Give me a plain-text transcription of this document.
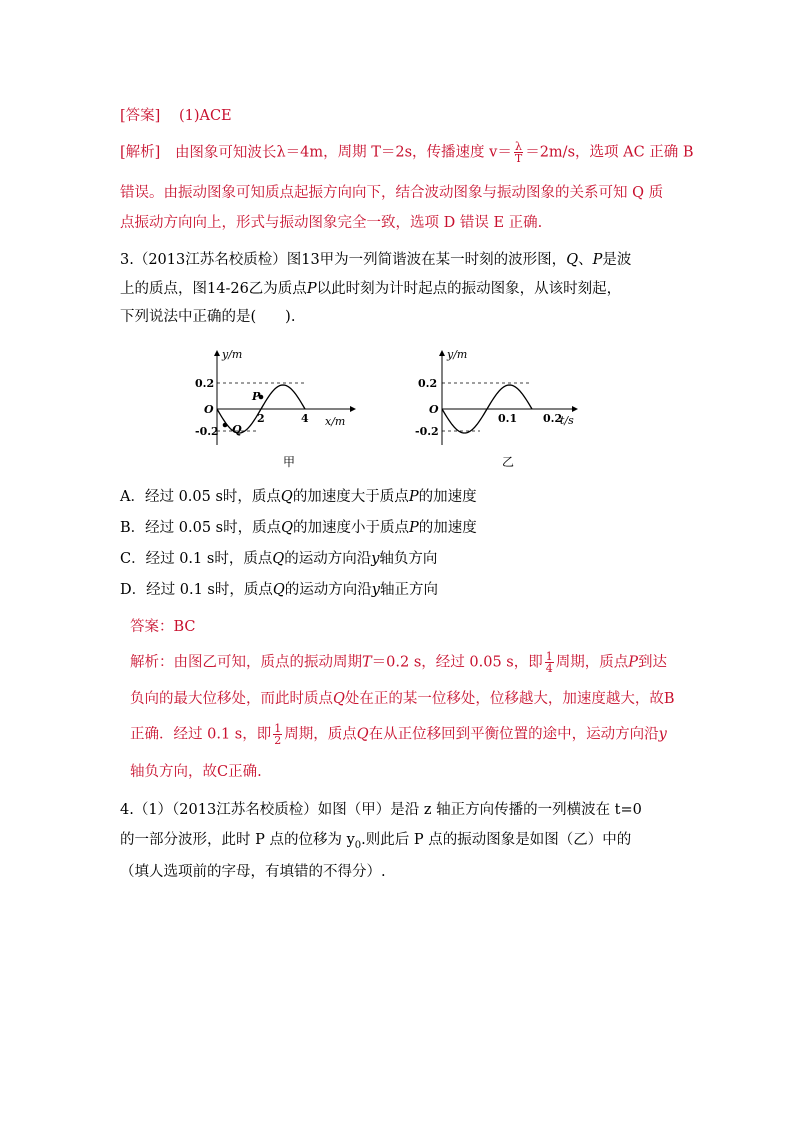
[答案] (1)ACE
[解析] 由图象可知波长λ＝4m，周期 T＝2s，传播速度 $v= \frac{\lambda}{T} =2m/s$，选项 AC 正确 B
错误。由振动图象可知质点起振方向向下，结合波动图象与振动图象的关系可知 Q 质
点振动方向向上，形式与振动图象完全一致，选项 D 错误 E 正确.
3.（2013江苏名校质检）图13甲为一列简谐波在某一时刻的波形图，Q、P是波
上的质点，图14-26乙为质点P以此时刻为计时起点的振动图象，从该时刻起，
下列说法中正确的是(　　).
y/m
x/m
O
0.2
-0.2
2	4
P
Q
甲
y/m
t/s
O
0.2
-0.2
0.1 0.2
乙
A．经过 0.05 s时，质点Q的加速度大于质点P的加速度
B．经过 0.05 s时，质点Q的加速度小于质点P的加速度
C．经过 0.1 s时，质点Q的运动方向沿y轴负方向
D．经过 0.1 s时，质点Q的运动方向沿y轴正方向
答案：BC
解析：由图乙可知，质点的振动周期T＝0.2 s，经过 0.05 s，即 $\frac{1}{4}$ 周期，质点P到达
负向的最大位移处，而此时质点Q处在正的某一位移处，位移越大，加速度越大，故B
正确．经过 0.1 s，即 $\frac{1}{2}$ 周期，质点Q在从正位移回到平衡位置的途中，运动方向沿y
轴负方向，故C正确.
4.（1）（2013江苏名校质检）如图（甲）是沿 z 轴正方向传播的一列横波在 t=0
的一部分波形，此时 P 点的位移为 $y_0$.则此后 P 点的振动图象是如图（乙）中的
（填人选项前的字母，有填错的不得分）.
